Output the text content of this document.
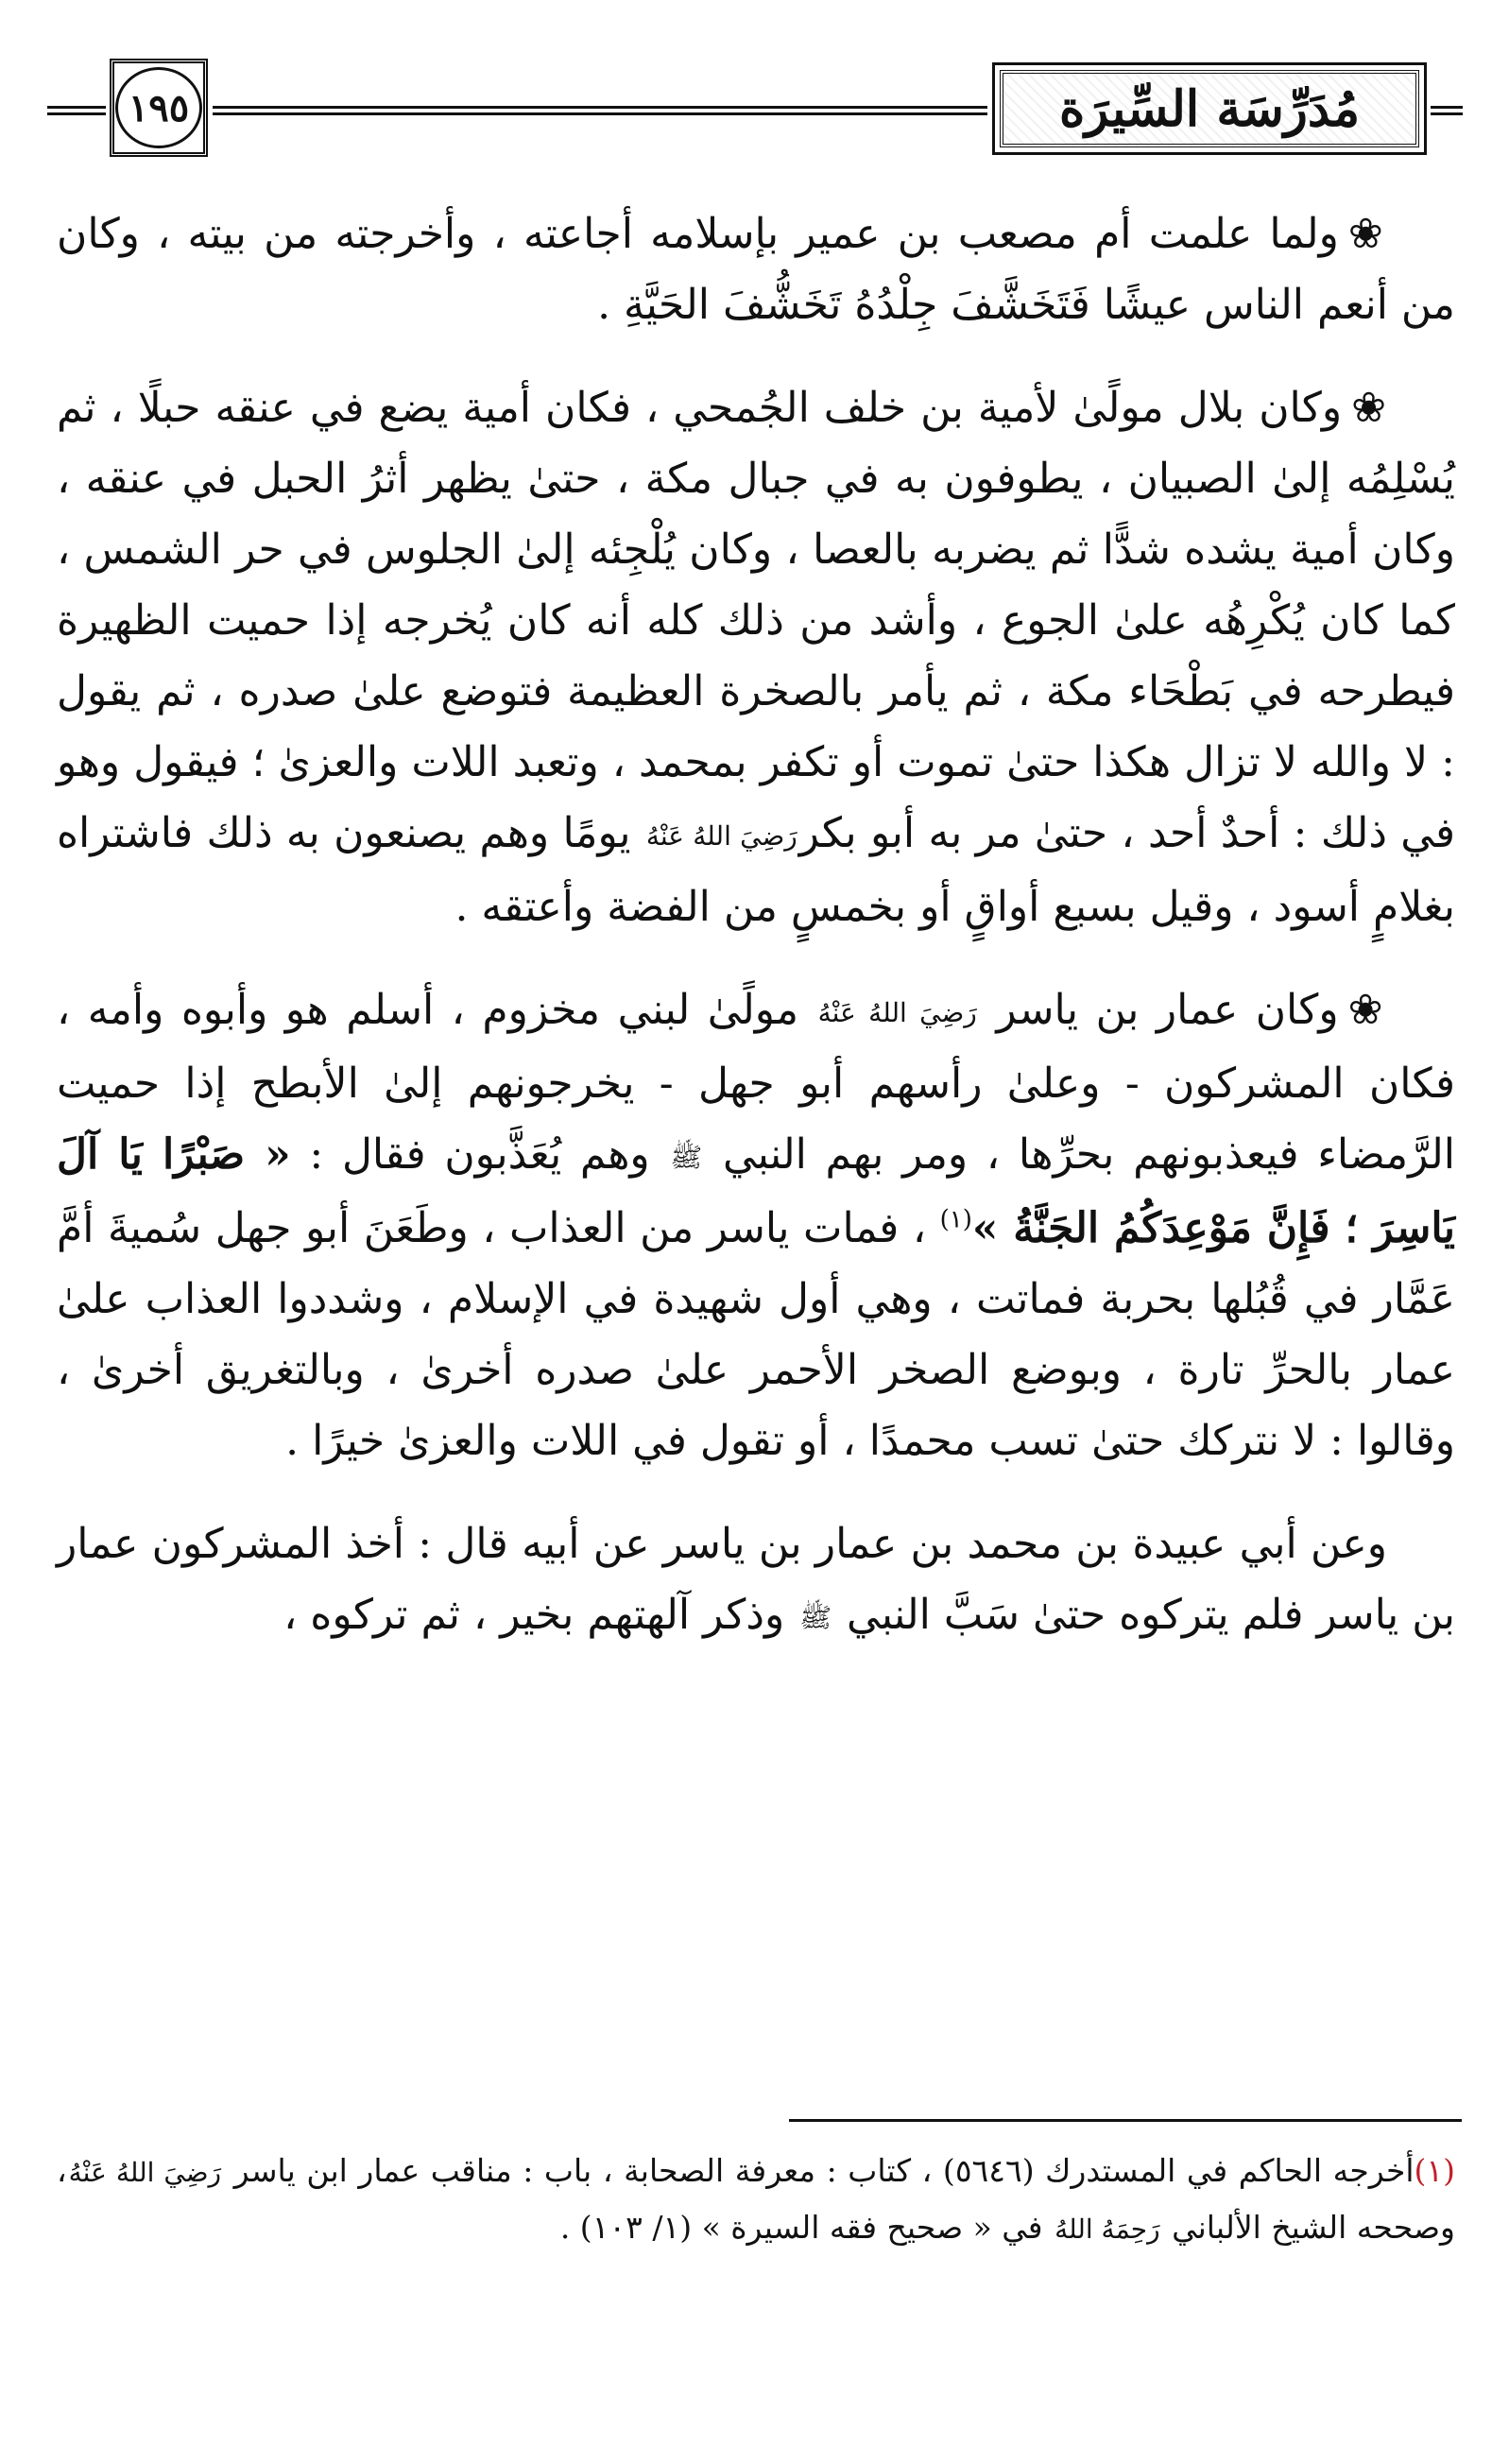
١٩٥	مُدَرِّسَة السِّيرَة

❀ولما علمت أم مصعب بن عمير بإسلامه أجاعته ، وأخرجته من بيته ، وكان من أنعم الناس عيشًا فَتَخَشَّفَ جِلْدُهُ تَخَشُّفَ الحَيَّةِ .

❀وكان بلال مولًىٰ لأمية بن خلف الجُمحي ، فكان أمية يضع في عنقه حبلًا ، ثم يُسْلِمُه إلىٰ الصبيان ، يطوفون به في جبال مكة ، حتىٰ يظهر أثرُ الحبل في عنقه ، وكان أمية يشده شدًّا ثم يضربه بالعصا ، وكان يُلْجِئه إلىٰ الجلوس في حر الشمس ، كما كان يُكْرِهُه علىٰ الجوع ، وأشد من ذلك كله أنه كان يُخرجه إذا حميت الظهيرة فيطرحه في بَطْحَاء مكة ، ثم يأمر بالصخرة العظيمة فتوضع علىٰ صدره ، ثم يقول : لا والله لا تزال هكذا حتىٰ تموت أو تكفر بمحمد ، وتعبد اللات والعزىٰ ؛ فيقول وهو في ذلك : أحدٌ أحد ، حتىٰ مر به أبو بكررَضِيَ اللهُ عَنْهُ يومًا وهم يصنعون به ذلك فاشتراه بغلامٍ أسود ، وقيل بسبع أواقٍ أو بخمسٍ من الفضة وأعتقه .

❀وكان عمار بن ياسر رَضِيَ اللهُ عَنْهُ مولًىٰ لبني مخزوم ، أسلم هو وأبوه وأمه ، فكان المشركون - وعلىٰ رأسهم أبو جهل - يخرجونهم إلىٰ الأبطح إذا حميت الرَّمضاء فيعذبونهم بحرِّها ، ومر بهم النبي ﷺ وهم يُعَذَّبون فقال : « صَبْرًا يَا آلَ يَاسِرَ ؛ فَإِنَّ مَوْعِدَكُمُ الجَنَّةُ »$^{(١)}$ ، فمات ياسر من العذاب ، وطَعَنَ أبو جهل سُميةَ أمَّ عَمَّار في قُبُلها بحربة فماتت ، وهي أول شهيدة في الإسلام ، وشددوا العذاب علىٰ عمار بالحرِّ تارة ، وبوضع الصخر الأحمر علىٰ صدره أخرىٰ ، وبالتغريق أخرىٰ ، وقالوا : لا نتركك حتىٰ تسب محمدًا ، أو تقول في اللات والعزىٰ خيرًا .

وعن أبي عبيدة بن محمد بن عمار بن ياسر عن أبيه قال : أخذ المشركون عمار بن ياسر فلم يتركوه حتىٰ سَبَّ النبي ﷺ وذكر آلهتهم بخير ، ثم تركوه ،

(١)أخرجه الحاكم في المستدرك (٥٦٤٦) ، كتاب : معرفة الصحابة ، باب : مناقب عمار ابن ياسر رَضِيَ اللهُ عَنْهُ، وصححه الشيخ الألباني رَحِمَهُ اللهُ في « صحيح فقه السيرة » (١/ ١٠٣) .
